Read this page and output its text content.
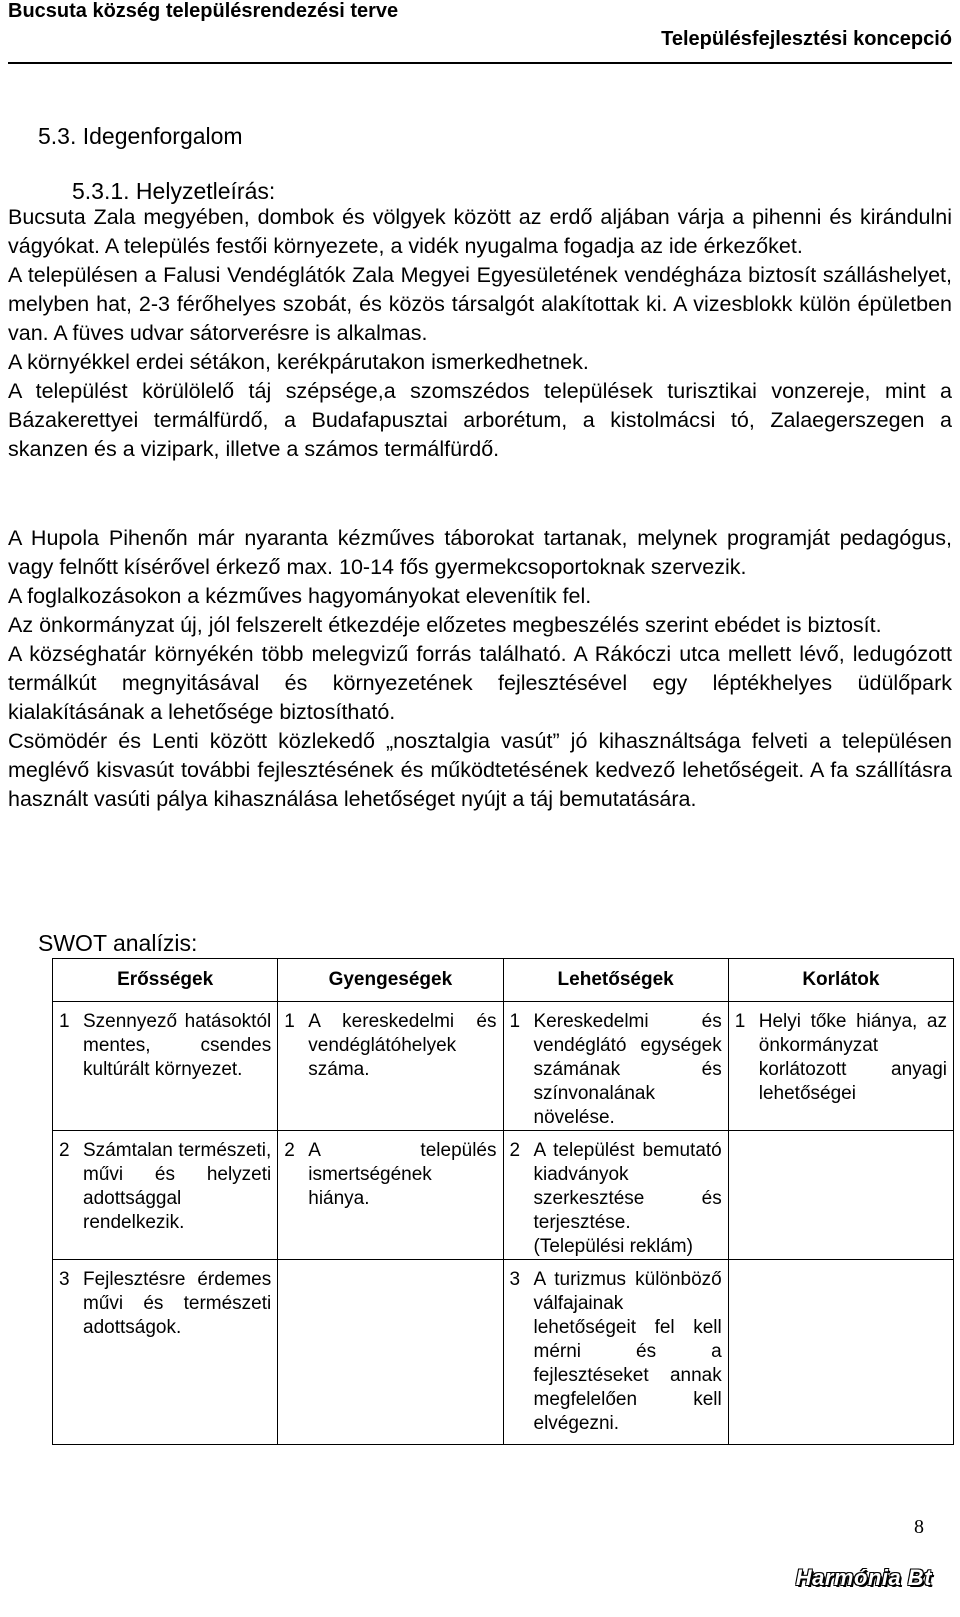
Bucsuta község településrendezési terve
Településfejlesztési koncepció
5.3. Idegenforgalom
5.3.1. Helyzetleírás:

Bucsuta Zala megyében, dombok és völgyek között az erdő aljában várja a pihenni és kirándulni vágyókat. A település festői környezete, a vidék nyugalma fogadja az ide érkezőket.

A településen a Falusi Vendéglátók Zala Megyei Egyesületének vendégháza biztosít szálláshelyet, melyben hat, 2-3 férőhelyes szobát, és közös társalgót alakítottak ki. A vizesblokk külön épületben van. A füves udvar sátorverésre is alkalmas.

A környékkel erdei sétákon, kerékpárutakon ismerkedhetnek.

A települést körülölelő táj szépsége,a szomszédos települések turisztikai vonzereje, mint a Bázakerettyei termálfürdő, a Budafapusztai arborétum, a kistolmácsi tó, Zalaegerszegen a skanzen és a vizipark, illetve a számos termálfürdő.

A Hupola Pihenőn már nyaranta kézműves táborokat tartanak, melynek programját pedagógus, vagy felnőtt kísérővel érkező max. 10-14 fős gyermekcsoportoknak szervezik.

A foglalkozásokon a kézműves hagyományokat elevenítik fel.

Az önkormányzat új, jól felszerelt étkezdéje előzetes megbeszélés szerint ebédet is biztosít.

A községhatár környékén több melegvizű forrás található. A Rákóczi utca mellett lévő, ledugózott termálkút megnyitásával és környezetének fejlesztésével egy léptékhelyes üdülőpark kialakításának a lehetősége biztosítható.

Csömödér és Lenti között közlekedő „nosztalgia vasút” jó kihasználtsága felveti a településen meglévő kisvasút további fejlesztésének és működtetésének kedvező lehetőségeit. A fa szállításra használt vasúti pálya kihasználása lehetőséget nyújt a táj bemutatására.

SWOT analízis:
Erősségek	Gyengeségek	Lehetőségek	Korlátok

1 Szennyező hatásoktól mentes, csendes kultúrált környezet.	1 A kereskedelmi és vendéglátóhelyek száma.	1 Kereskedelmi és vendéglátó egységek számának és színvonalának növelése.	1 Helyi tőke hiánya, az önkormányzat korlátozott anyagi lehetőségei

2 Számtalan természeti, művi és helyzeti adottsággal rendelkezik.	2 A település ismertségének hiánya.	2 A települést bemutató kiadványok szerkesztése és terjesztése. (Települési reklám)	

3 Fejlesztésre érdemes művi és természeti adottságok.		3 A turizmus különböző válfajainak lehetőségeit fel kell mérni és a fejlesztéseket annak megfelelően kell elvégezni.	

8
Harmónia Bt
